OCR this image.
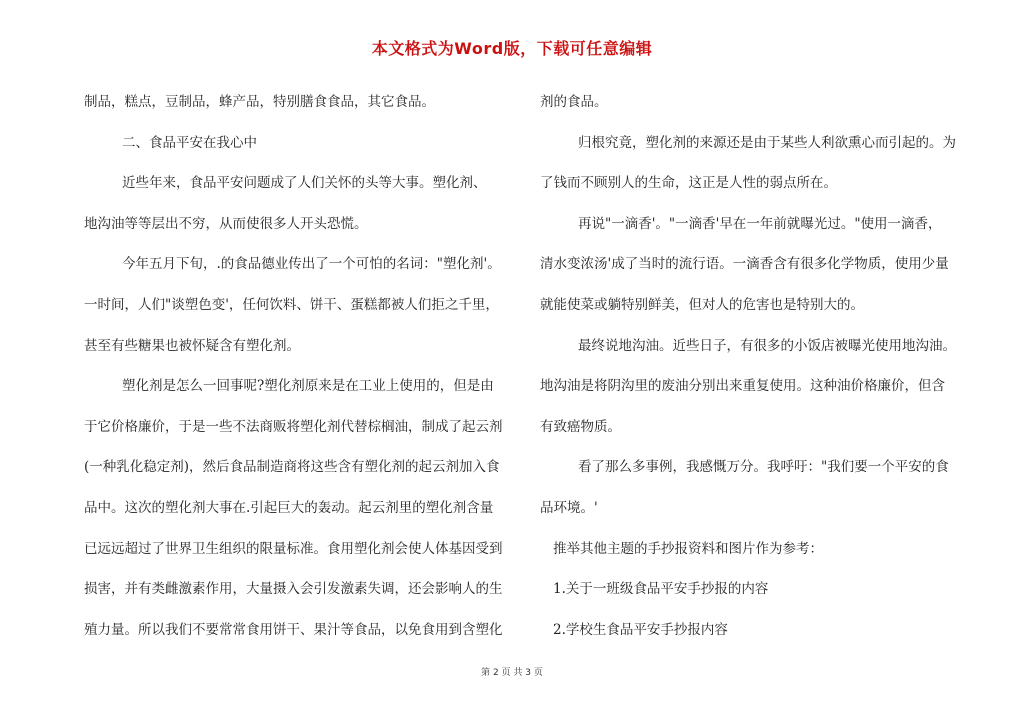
本文格式为Word版，下载可任意编辑
制品，糕点，豆制品，蜂产品，特别膳食食品，其它食品。
二、食品平安在我心中
近些年来，食品平安问题成了人们关怀的头等大事。塑化剂、
地沟油等等层出不穷，从而使很多人开头恐慌。
今年五月下旬，.的食品德业传出了一个可怕的名词："塑化剂'。
一时间，人们"谈塑色变'，任何饮料、饼干、蛋糕都被人们拒之千里，
甚至有些糖果也被怀疑含有塑化剂。
塑化剂是怎么一回事呢?塑化剂原来是在工业上使用的，但是由
于它价格廉价，于是一些不法商贩将塑化剂代替棕榈油，制成了起云剂
(一种乳化稳定剂)，然后食品制造商将这些含有塑化剂的起云剂加入食
品中。这次的塑化剂大事在.引起巨大的轰动。起云剂里的塑化剂含量
已远远超过了世界卫生组织的限量标准。食用塑化剂会使人体基因受到
损害，并有类雌激素作用，大量摄入会引发激素失调，还会影响人的生
殖力量。所以我们不要常常食用饼干、果汁等食品，以免食用到含塑化
剂的食品。
归根究竟，塑化剂的来源还是由于某些人利欲熏心而引起的。为
了钱而不顾别人的生命，这正是人性的弱点所在。
再说"一滴香'。"一滴香'早在一年前就曝光过。"使用一滴香，
清水变浓汤'成了当时的流行语。一滴香含有很多化学物质，使用少量
就能使菜或躺特别鲜美，但对人的危害也是特别大的。
最终说地沟油。近些日子，有很多的小饭店被曝光使用地沟油。
地沟油是将阴沟里的废油分别出来重复使用。这种油价格廉价，但含
有致癌物质。
看了那么多事例，我感慨万分。我呼吁："我们要一个平安的食
品环境。'
推举其他主题的手抄报资料和图片作为参考：
1.关于一班级食品平安手抄报的内容
2.学校生食品平安手抄报内容
第 2 页 共 3 页
